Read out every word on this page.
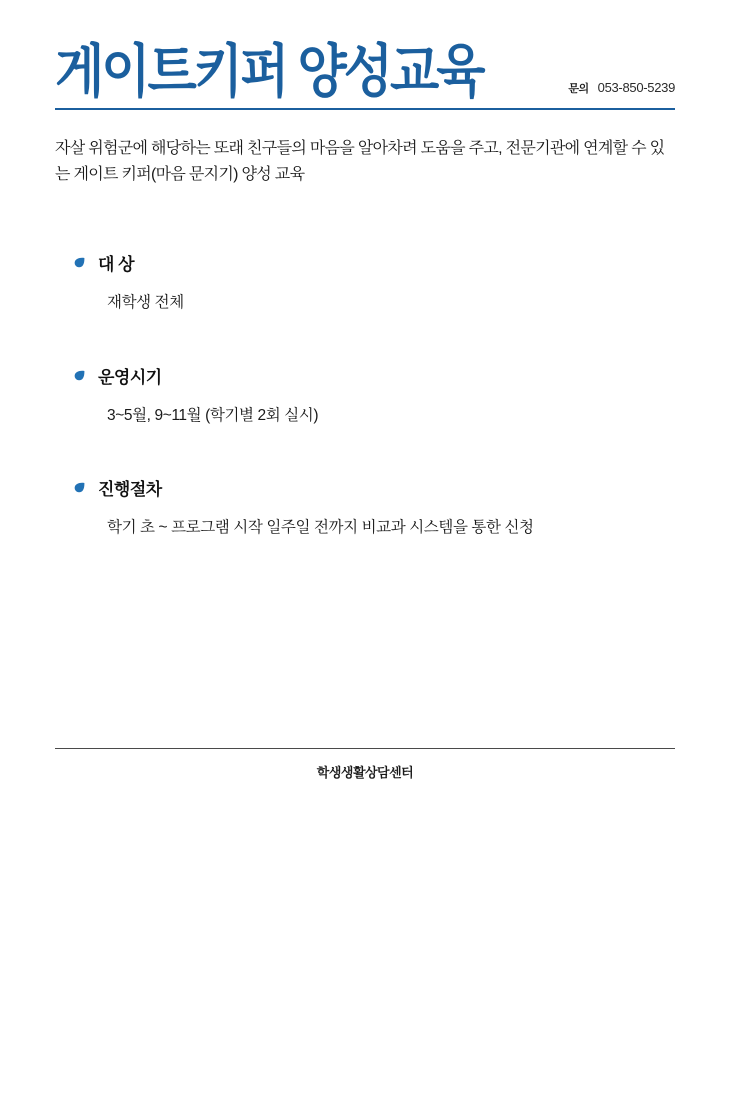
게이트키퍼 양성교육	문의 053-850-5239

자살 위험군에 해당하는 또래 친구들의 마음을 알아차려 도움을 주고, 전문기관에 연계할 수 있는 게이트 키퍼(마음 문지기) 양성 교육

대 상
재학생 전체
운영시기
3~5월, 9~11월 (학기별 2회 실시)
진행절차
학기 초 ~ 프로그램 시작 일주일 전까지 비교과 시스템을 통한 신청
학생생활상담센터
